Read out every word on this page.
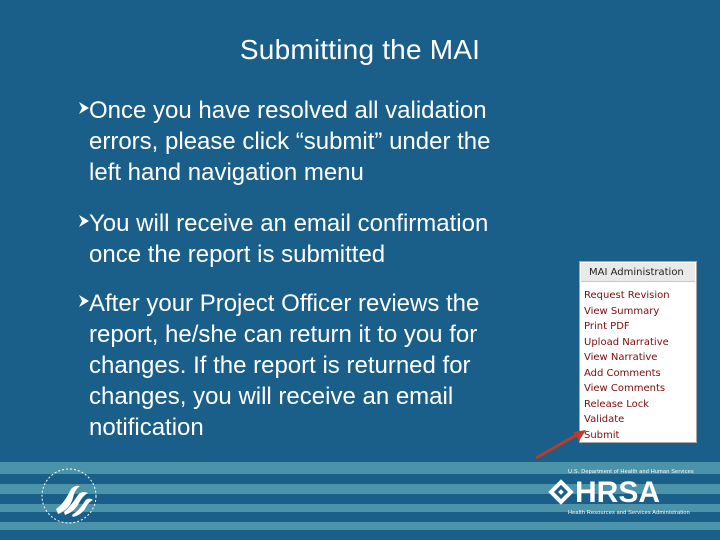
Submitting the MAI
Once you have resolved all validation
errors, please click “submit” under the
left hand navigation menu
You will receive an email confirmation
once the report is submitted
After your Project Officer reviews the
report, he/she can return it to you for
changes. If the report is returned for
changes, you will receive an email
notification
MAI Administration
Request Revision
View Summary
Print PDF
Upload Narrative
View Narrative
Add Comments
View Comments
Release Lock
Validate
Submit
U.S. Department of Health and Human Services
HRSA
Health Resources and Services Administration
